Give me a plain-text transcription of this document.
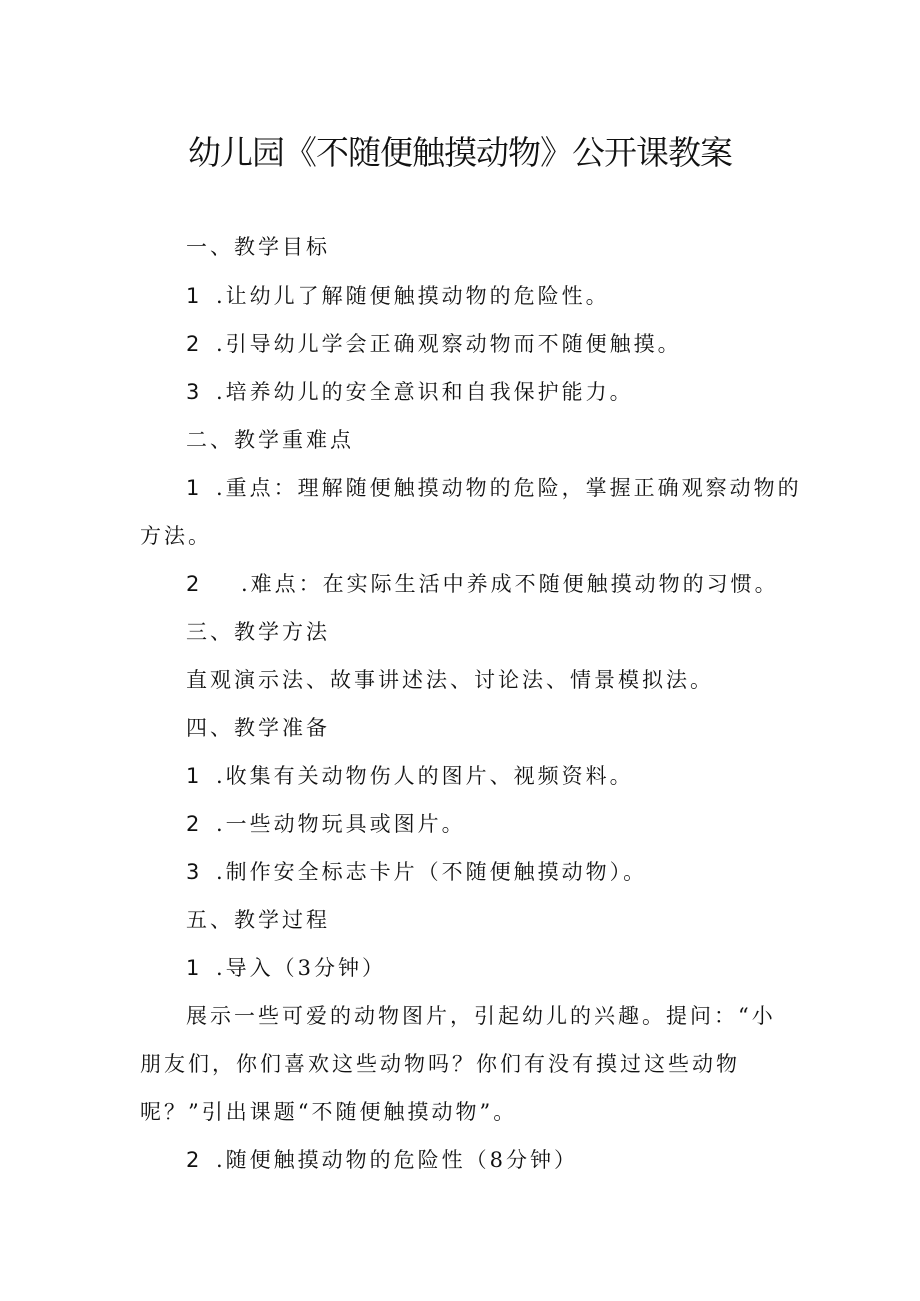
幼儿园《不随便触摸动物》公开课教案
一、教学目标
1 .让幼儿了解随便触摸动物的危险性。
2 .引导幼儿学会正确观察动物而不随便触摸。
3 .培养幼儿的安全意识和自我保护能力。
二、教学重难点
1 .重点：理解随便触摸动物的危险，掌握正确观察动物的
方法。
2 .难点：在实际生活中养成不随便触摸动物的习惯。
三、教学方法
直观演示法、故事讲述法、讨论法、情景模拟法。
四、教学准备
1 .收集有关动物伤人的图片、视频资料。
2 .一些动物玩具或图片。
3 .制作安全标志卡片（不随便触摸动物）。
五、教学过程
1 .导入（3分钟）
展示一些可爱的动物图片，引起幼儿的兴趣。提问：“小
朋友们，你们喜欢这些动物吗？你们有没有摸过这些动物
呢？”引出课题“不随便触摸动物”。
2 .随便触摸动物的危险性（8分钟）
